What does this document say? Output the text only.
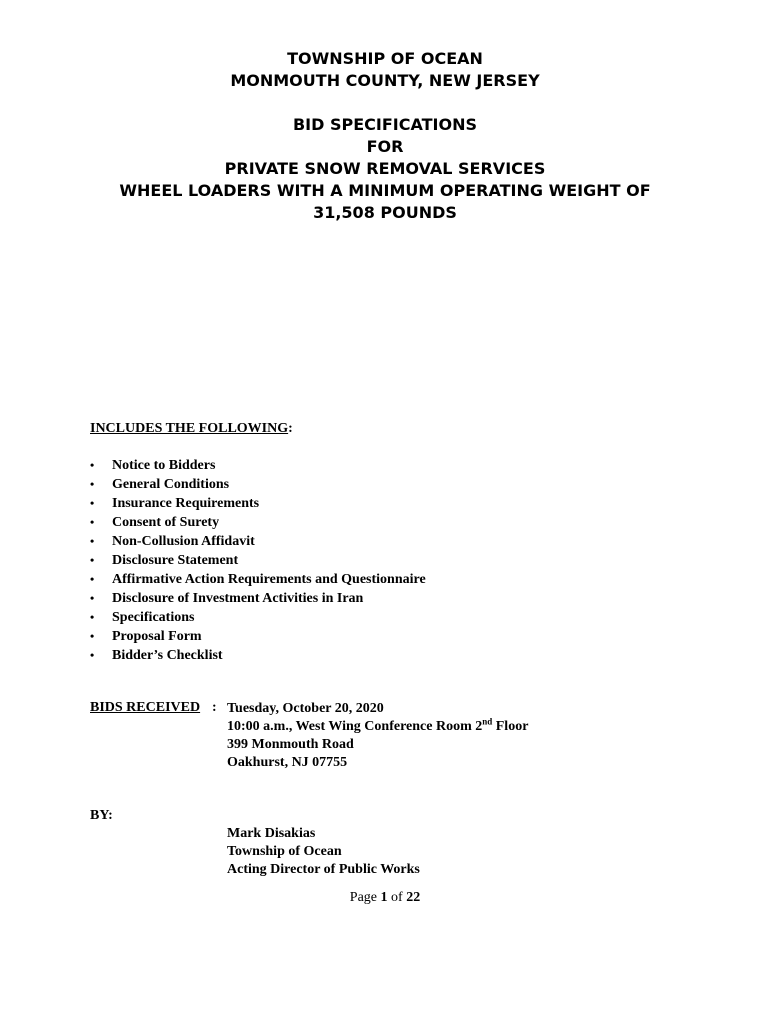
TOWNSHIP OF OCEAN
MONMOUTH COUNTY, NEW JERSEY
BID SPECIFICATIONS
FOR
PRIVATE SNOW REMOVAL SERVICES
WHEEL LOADERS WITH A MINIMUM OPERATING WEIGHT OF
31,508 POUNDS
INCLUDES THE FOLLOWING:
•	Notice to Bidders
•	General Conditions
•	Insurance Requirements
•	Consent of Surety
•	Non-Collusion Affidavit
•	Disclosure Statement
•	Affirmative Action Requirements and Questionnaire
•	Disclosure of Investment Activities in Iran
•	Specifications
•	Proposal Form
•	Bidder’s Checklist
BIDS RECEIVED : Tuesday, October 20, 2020
10:00 a.m., West Wing Conference Room 2nd Floor
399 Monmouth Road
Oakhurst, NJ 07755
BY:
Mark Disakias
Township of Ocean
Acting Director of Public Works
Page 1 of 22
